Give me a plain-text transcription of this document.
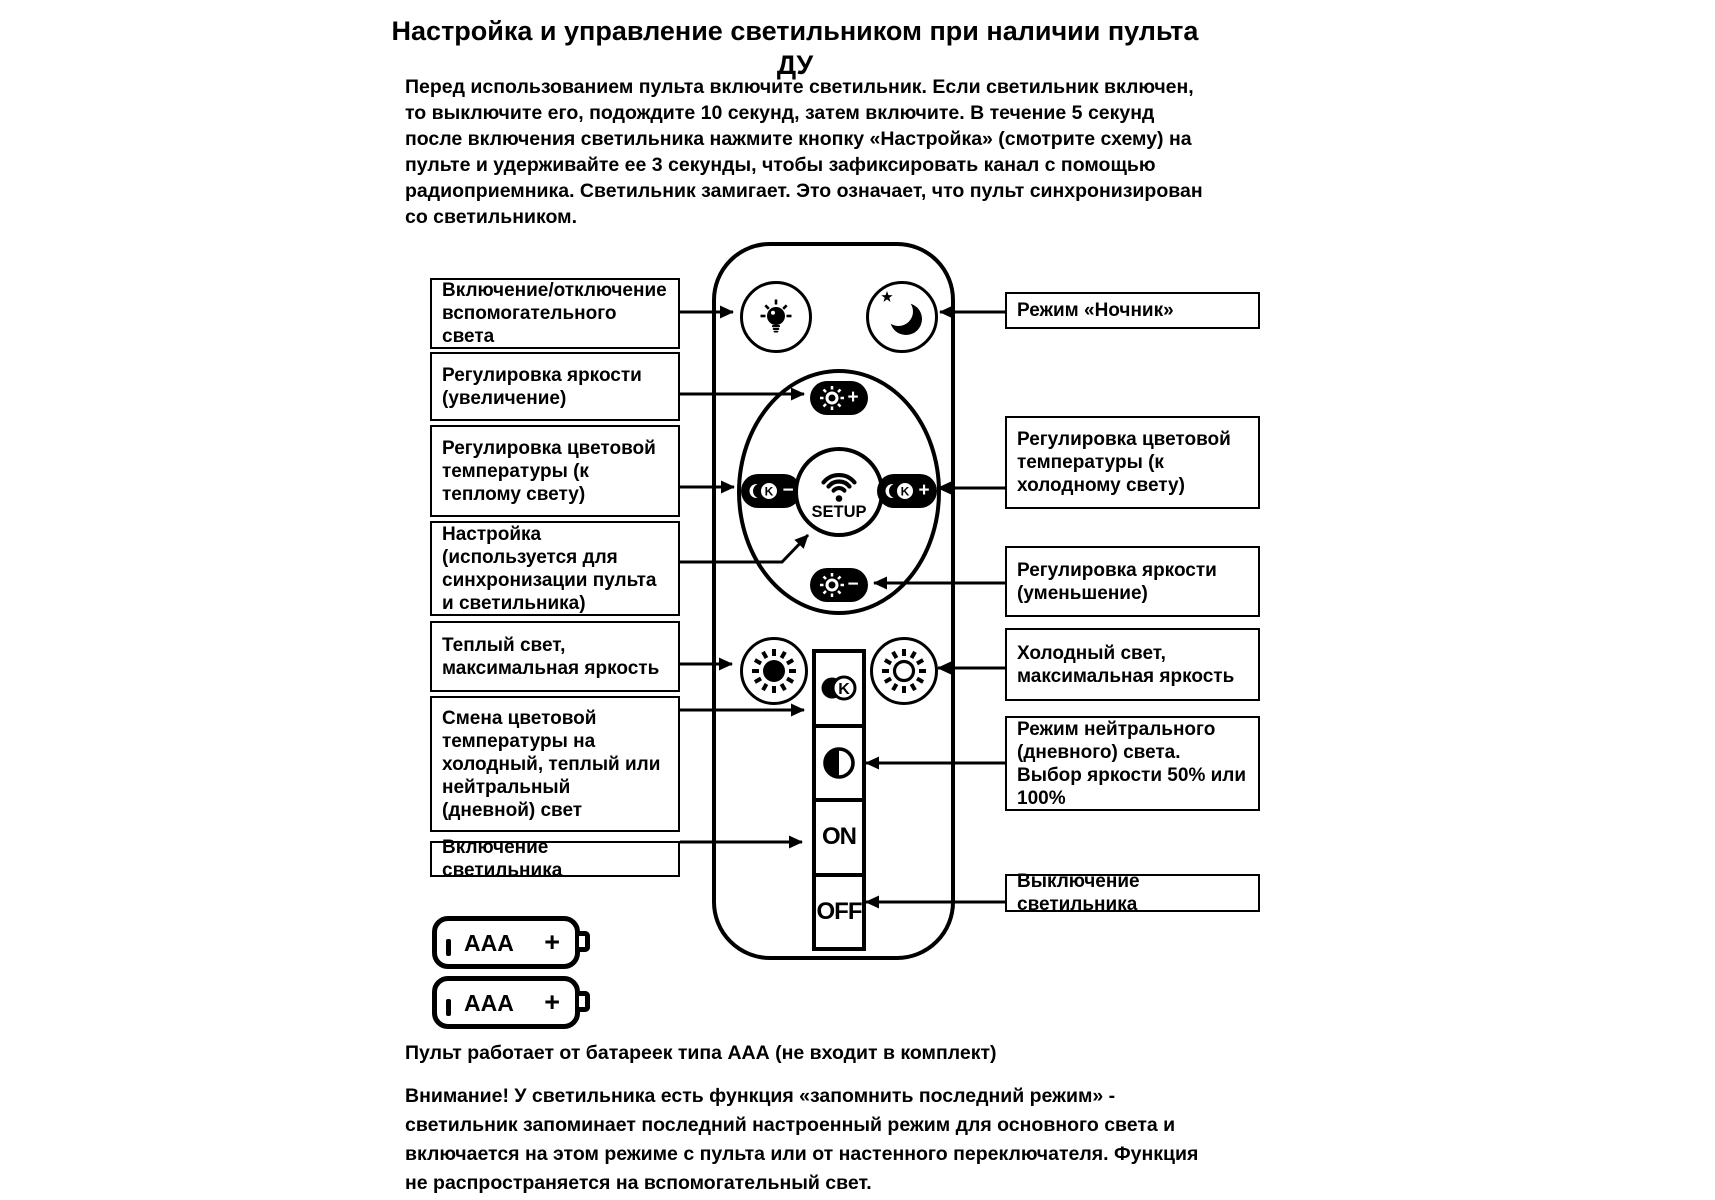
Настройка и управление светильником при наличии пульта ДУ

Перед использованием пульта включите светильник. Если светильник включен, то выключите его, подождите 10 секунд, затем включите. В течение 5 секунд после включения светильника нажмите кнопку «Настройка» (смотрите схему) на пульте и удерживайте ее 3 секунды, чтобы зафиксировать канал с помощью радиоприемника. Светильник замигает. Это означает, что пульт синхронизирован со светильником.

Включение/отключение вспомогательного света
Регулировка яркости (увеличение)
Регулировка цветовой температуры (к теплому свету)
Настройка (используется для синхронизации пульта и светильника)
Теплый свет, максимальная яркость
Смена цветовой температуры на холодный, теплый или нейтральный (дневной) свет
Включение светильника
Режим «Ночник»
Регулировка цветовой температуры (к холодному свету)
Регулировка яркости (уменьшение)
Холодный свет, максимальная яркость
Режим нейтрального (дневного) света. Выбор яркости 50% или 100%
Выключение светильника
+
K −
SETUP
K +
−
K
ON
OFF
AAA +
AAA +

Пульт работает от батареек типа ААА (не входит в комплект)

Внимание! У светильника есть функция «запомнить последний режим» - светильник запоминает последний настроенный режим для основного света и включается на этом режиме с пульта или от настенного переключателя. Функция не распространяется на вспомогательный свет.
